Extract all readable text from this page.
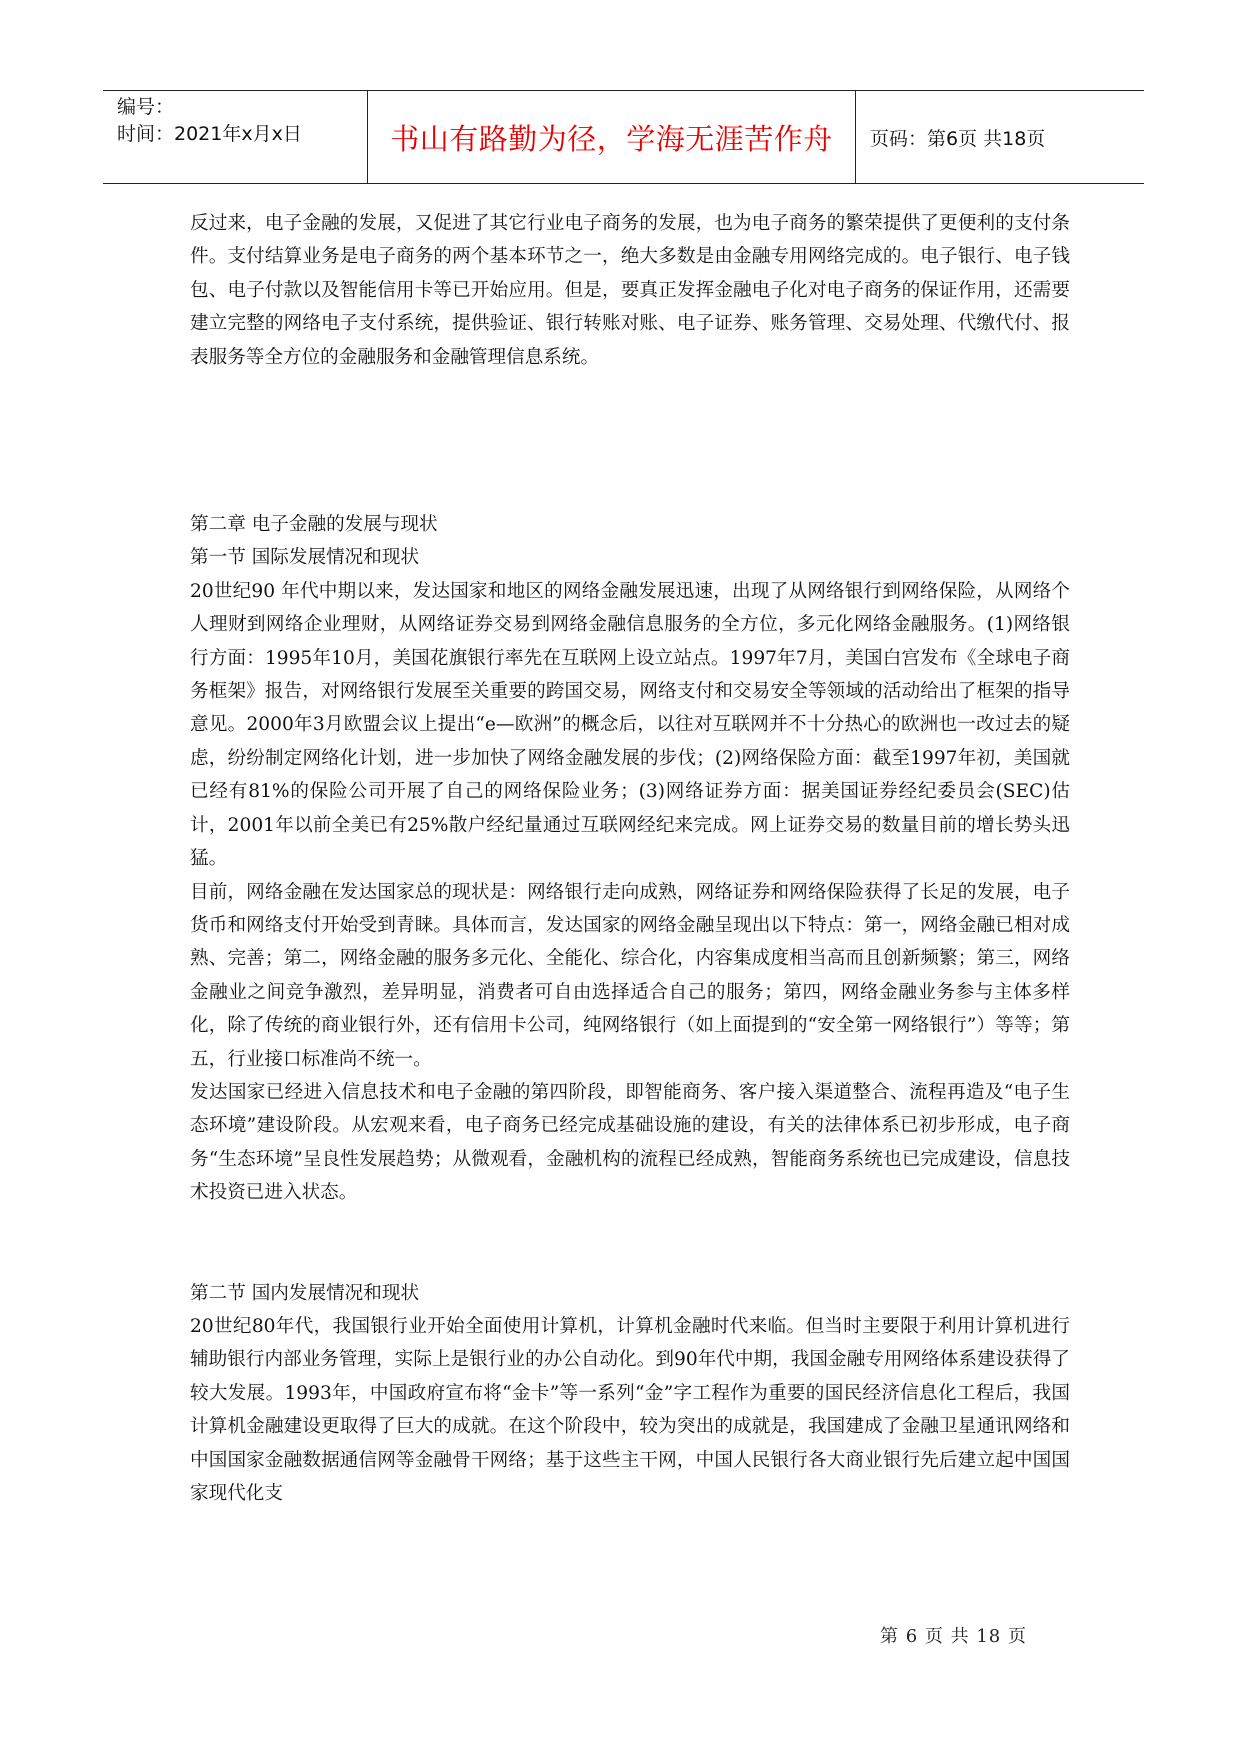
编号：
时间：2021年x月x日	书山有路勤为径，学海无涯苦作舟 页码：第6页 共18页

反过来，电子金融的发展，又促进了其它行业电子商务的发展，也为电子商务的繁荣提供了更便利的支付条件。支付结算业务是电子商务的两个基本环节之一，绝大多数是由金融专用网络完成的。电子银行、电子钱包、电子付款以及智能信用卡等已开始应用。但是，要真正发挥金融电子化对电子商务的保证作用，还需要建立完整的网络电子支付系统，提供验证、银行转账对账、电子证券、账务管理、交易处理、代缴代付、报表服务等全方位的金融服务和金融管理信息系统。

第二章 电子金融的发展与现状

第一节 国际发展情况和现状

20世纪90 年代中期以来，发达国家和地区的网络金融发展迅速，出现了从网络银行到网络保险，从网络个人理财到网络企业理财，从网络证券交易到网络金融信息服务的全方位，多元化网络金融服务。(1)网络银行方面：1995年10月，美国花旗银行率先在互联网上设立站点。1997年7月，美国白宫发布《全球电子商务框架》报告，对网络银行发展至关重要的跨国交易，网络支付和交易安全等领域的活动给出了框架的指导意见。2000年3月欧盟会议上提出“e—欧洲”的概念后，以往对互联网并不十分热心的欧洲也一改过去的疑虑，纷纷制定网络化计划，进一步加快了网络金融发展的步伐；(2)网络保险方面：截至1997年初，美国就已经有81%的保险公司开展了自己的网络保险业务；(3)网络证券方面：据美国证券经纪委员会(SEC)估计，2001年以前全美已有25%散户经纪量通过互联网经纪来完成。网上证券交易的数量目前的增长势头迅猛。

目前，网络金融在发达国家总的现状是：网络银行走向成熟，网络证券和网络保险获得了长足的发展，电子货币和网络支付开始受到青睐。具体而言，发达国家的网络金融呈现出以下特点：第一，网络金融已相对成熟、完善；第二，网络金融的服务多元化、全能化、综合化，内容集成度相当高而且创新频繁；第三，网络金融业之间竞争激烈，差异明显，消费者可自由选择适合自己的服务；第四，网络金融业务参与主体多样化，除了传统的商业银行外，还有信用卡公司，纯网络银行（如上面提到的“安全第一网络银行”）等等；第五，行业接口标准尚不统一。

发达国家已经进入信息技术和电子金融的第四阶段，即智能商务、客户接入渠道整合、流程再造及“电子生态环境”建设阶段。从宏观来看，电子商务已经完成基础设施的建设，有关的法律体系已初步形成，电子商务“生态环境”呈良性发展趋势；从微观看，金融机构的流程已经成熟，智能商务系统也已完成建设，信息技术投资已进入状态。

第二节 国内发展情况和现状

20世纪80年代，我国银行业开始全面使用计算机，计算机金融时代来临。但当时主要限于利用计算机进行辅助银行内部业务管理，实际上是银行业的办公自动化。到90年代中期，我国金融专用网络体系建设获得了较大发展。1993年，中国政府宣布将“金卡”等一系列“金”字工程作为重要的国民经济信息化工程后，我国计算机金融建设更取得了巨大的成就。在这个阶段中，较为突出的成就是，我国建成了金融卫星通讯网络和中国国家金融数据通信网等金融骨干网络；基于这些主干网，中国人民银行各大商业银行先后建立起中国国家现代化支

第 6 页 共 18 页
